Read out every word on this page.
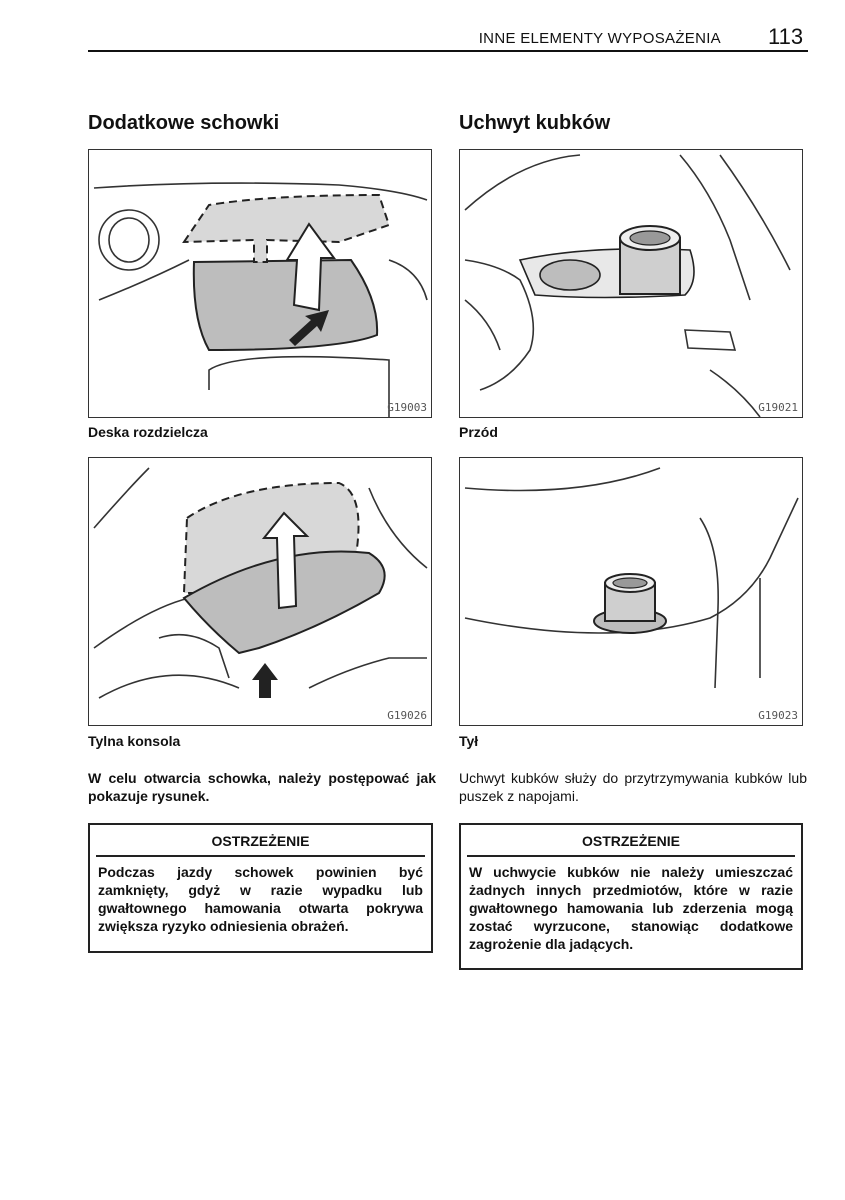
INNE ELEMENTY WYPOSAŻENIA 113
Dodatkowe schowki
G19003
Deska rozdzielcza
G19026
Tylna konsola
W celu otwarcia schowka, należy postępować jak pokazuje rysunek.
OSTRZEŻENIE
Podczas jazdy schowek powinien być zamknięty, gdyż w razie wypadku lub gwałtownego hamowania otwarta pokrywa zwiększa ryzyko odniesienia obrażeń.
Uchwyt kubków
G19021
Przód
G19023
Tył
Uchwyt kubków służy do przytrzymywania kubków lub puszek z napojami.
OSTRZEŻENIE
W uchwycie kubków nie należy umieszczać żadnych innych przedmiotów, które w razie gwałtownego hamowania lub zderzenia mogą zostać wyrzucone, stanowiąc dodatkowe zagrożenie dla jadących.
